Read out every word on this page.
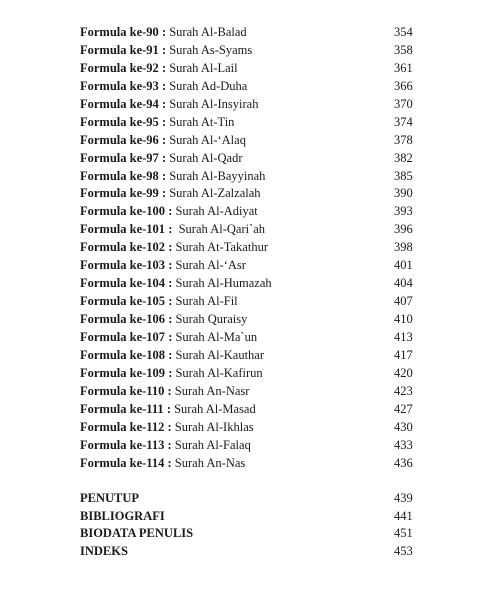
Formula ke-90 : Surah Al-Balad	354
Formula ke-91 : Surah As-Syams	358
Formula ke-92 : Surah Al-Lail	361
Formula ke-93 : Surah Ad-Duha	366
Formula ke-94 : Surah Al-Insyirah	370
Formula ke-95 : Surah At-Tin	374
Formula ke-96 : Surah Al-‘Alaq	378
Formula ke-97 : Surah Al-Qadr	382
Formula ke-98 : Surah Al-Bayyinah	385
Formula ke-99 : Surah Al-Zalzalah	390
Formula ke-100 : Surah Al-Adiyat	393
Formula ke-101 :  Surah Al-Qari`ah	396
Formula ke-102 : Surah At-Takathur	398
Formula ke-103 : Surah Al-‘Asr	401
Formula ke-104 : Surah Al-Humazah	404
Formula ke-105 : Surah Al-Fil	407
Formula ke-106 : Surah Quraisy	410
Formula ke-107 : Surah Al-Ma`un	413
Formula ke-108 : Surah Al-Kauthar	417
Formula ke-109 : Surah Al-Kafirun	420
Formula ke-110 : Surah An-Nasr	423
Formula ke-111 : Surah Al-Masad	427
Formula ke-112 : Surah Al-Ikhlas	430
Formula ke-113 : Surah Al-Falaq	433
Formula ke-114 : Surah An-Nas	436
PENUTUP	439
BIBLIOGRAFI	441
BIODATA PENULIS	451
INDEKS	453
